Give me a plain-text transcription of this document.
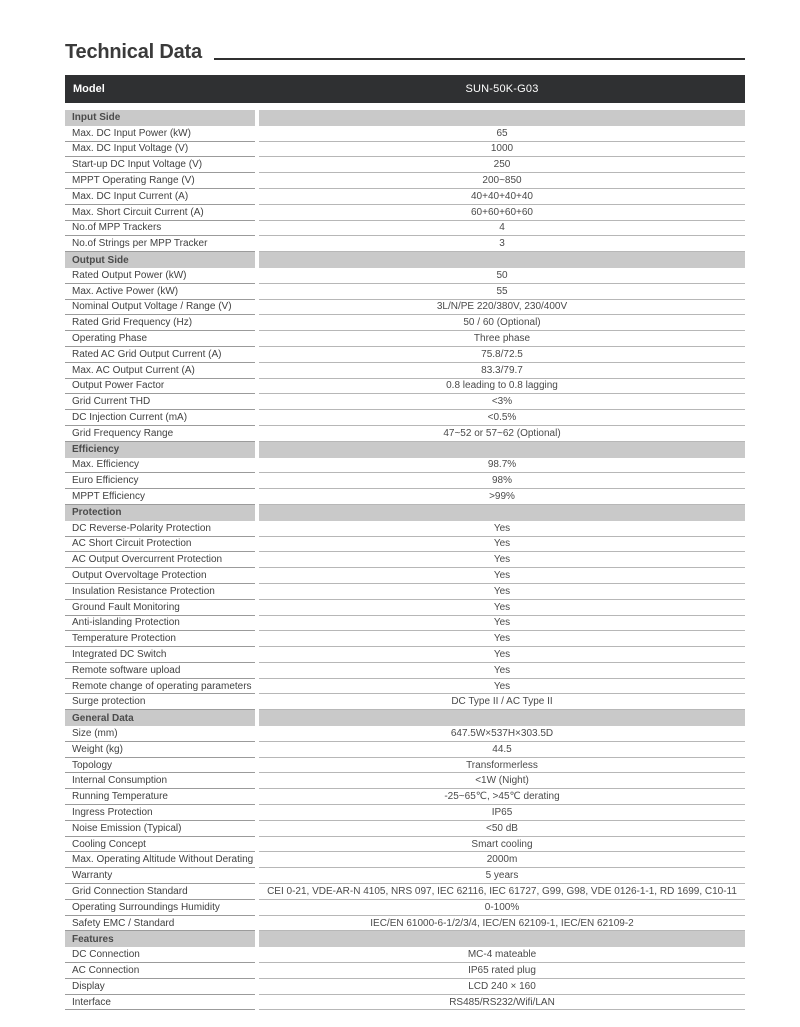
Technical Data
Model	SUN-50K-G03
Input Side
Max. DC Input Power (kW)	65
Max. DC Input Voltage (V)	1000
Start-up DC Input Voltage (V)	250
MPPT Operating Range (V)	200~850
Max. DC Input Current (A)	40+40+40+40
Max. Short Circuit Current (A)	60+60+60+60
No.of MPP Trackers	4
No.of Strings per MPP Tracker	3
Output Side
Rated Output Power (kW)	50
Max. Active Power (kW)	55
Nominal Output Voltage / Range (V)	3L/N/PE 220/380V, 230/400V
Rated Grid Frequency (Hz)	50 / 60 (Optional)
Operating Phase	Three phase
Rated AC Grid Output Current (A)	75.8/72.5
Max. AC Output Current (A)	83.3/79.7
Output Power Factor	0.8 leading to 0.8 lagging
Grid Current THD	<3%
DC Injection Current (mA)	<0.5%
Grid Frequency Range	47~52 or 57~62 (Optional)
Efficiency
Max. Efficiency	98.7%
Euro Efficiency	98%
MPPT Efficiency	>99%
Protection
DC Reverse-Polarity Protection	Yes
AC Short Circuit Protection	Yes
AC Output Overcurrent Protection	Yes
Output Overvoltage Protection	Yes
Insulation Resistance Protection	Yes
Ground Fault Monitoring	Yes
Anti-islanding Protection	Yes
Temperature Protection	Yes
Integrated DC Switch	Yes
Remote software upload	Yes
Remote change of operating parameters	Yes
Surge protection	DC Type II / AC Type II
General Data
Size (mm)	647.5W×537H×303.5D
Weight (kg)	44.5
Topology	Transformerless
Internal Consumption	<1W (Night)
Running Temperature	-25~65℃, >45℃ derating
Ingress Protection	IP65
Noise Emission (Typical)	<50 dB
Cooling Concept	Smart cooling
Max. Operating Altitude Without Derating	2000m
Warranty	5 years
Grid Connection Standard	CEI 0-21, VDE-AR-N 4105, NRS 097, IEC 62116, IEC 61727, G99, G98, VDE 0126-1-1, RD 1699, C10-11
Operating Surroundings Humidity	0-100%
Safety EMC / Standard	IEC/EN 61000-6-1/2/3/4, IEC/EN 62109-1, IEC/EN 62109-2
Features
DC Connection	MC-4 mateable
AC Connection	IP65 rated plug
Display	LCD 240 × 160
Interface	RS485/RS232/Wifi/LAN
